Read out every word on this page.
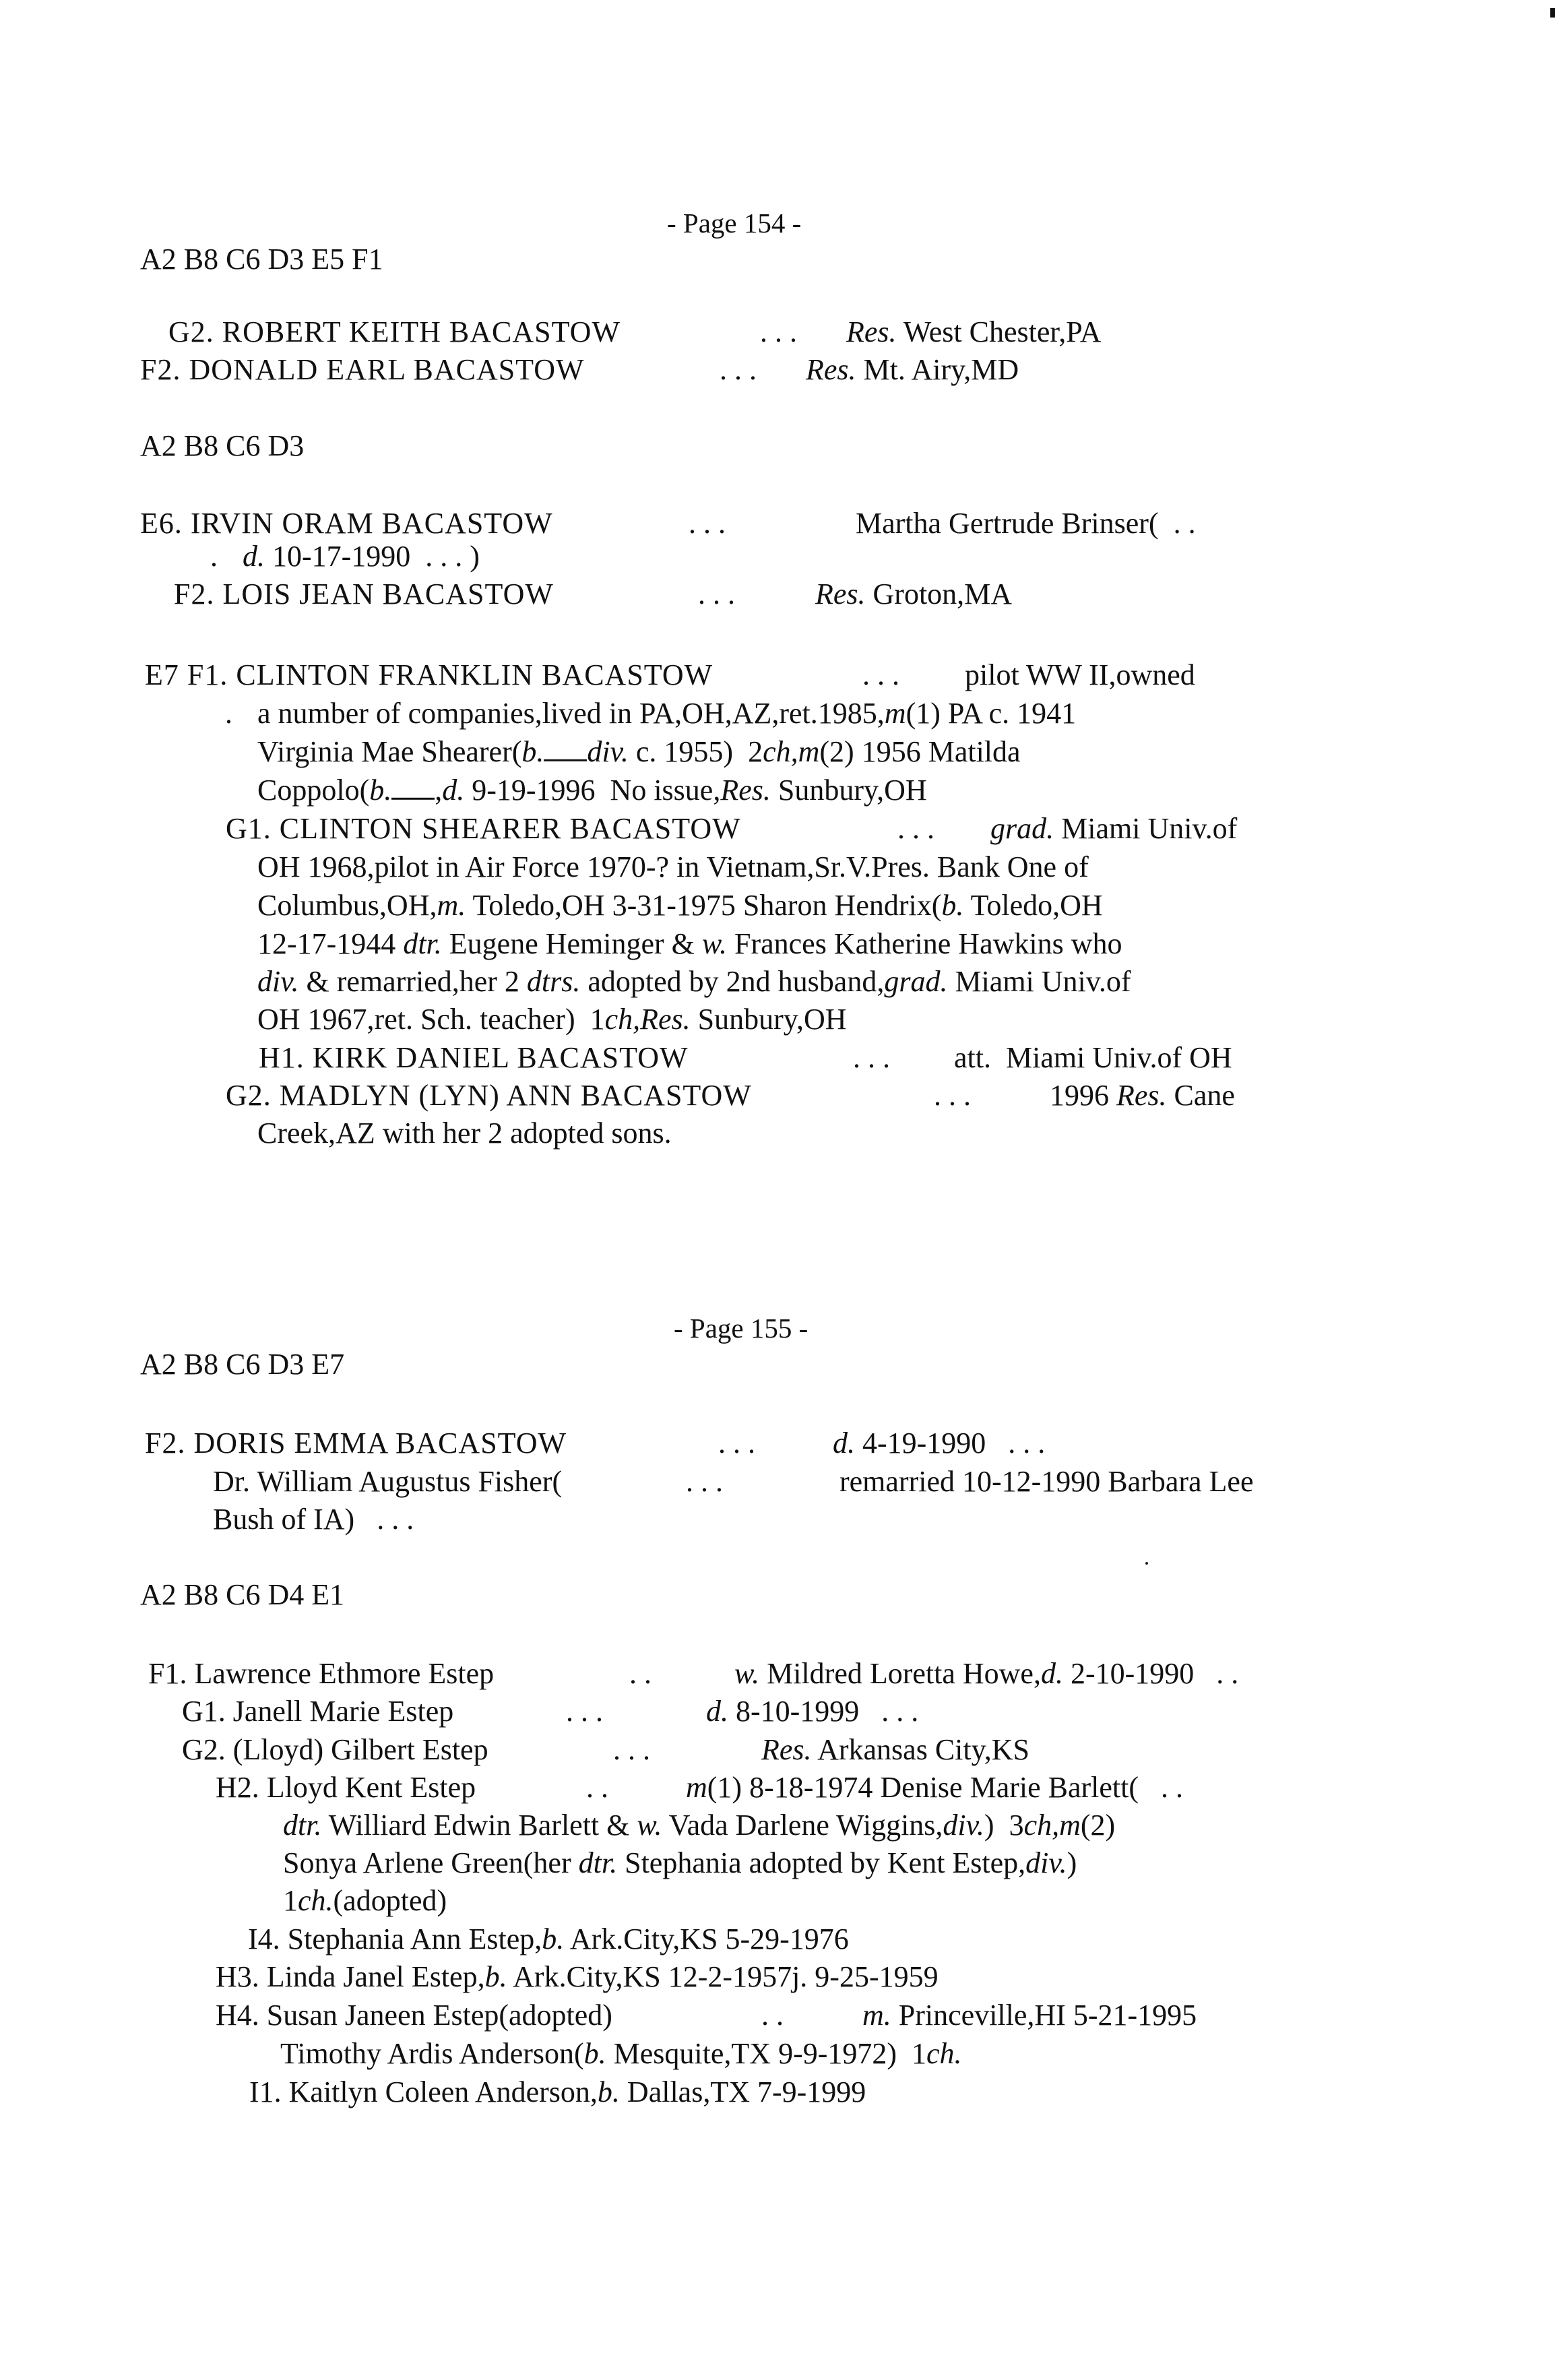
- Page 154 -
A2 B8 C6 D3 E5 F1
G2. ROBERT KEITH BACASTOW	. . . Res. West Chester,PA
F2. DONALD EARL BACASTOW	. . . Res. Mt. Airy,MD
A2 B8 C6 D3
E6. IRVIN ORAM BACASTOW	. . .	Martha Gertrude Brinser(  . .
. d. 10-17-1990  . . . )
F2. LOIS JEAN BACASTOW	. . .	Res. Groton,MA
E7 F1. CLINTON FRANKLIN BACASTOW	. . . pilot WW II,owned
. a number of companies,lived in PA,OH,AZ,ret.1985,m(1) PA c. 1941
Virginia Mae Shearer(b. div. c. 1955)  2ch,m(2) 1956 Matilda
Coppolo(b. ,d. 9-19-1996  No issue,Res. Sunbury,OH
G1. CLINTON SHEARER BACASTOW	. . . grad. Miami Univ.of
OH 1968,pilot in Air Force 1970-? in Vietnam,Sr.V.Pres. Bank One of
Columbus,OH,m. Toledo,OH 3-31-1975 Sharon Hendrix(b. Toledo,OH
12-17-1944 dtr. Eugene Heminger & w. Frances Katherine Hawkins who
div. & remarried,her 2 dtrs. adopted by 2nd husband,grad. Miami Univ.of
OH 1967,ret. Sch. teacher)  1ch,Res. Sunbury,OH
H1. KIRK DANIEL BACASTOW	. . . att.  Miami Univ.of OH
G2. MADLYN (LYN) ANN BACASTOW	. . .	1996 Res. Cane
Creek,AZ with her 2 adopted sons.
- Page 155 -
A2 B8 C6 D3 E7
F2. DORIS EMMA BACASTOW	. . .	d. 4-19-1990   . . .
Dr. William Augustus Fisher(	. . .	remarried 10-12-1990 Barbara Lee
Bush of IA)   . . .
A2 B8 C6 D4 E1
F1. Lawrence Ethmore Estep	. .	w. Mildred Loretta Howe,d. 2-10-1990   . .
G1. Janell Marie Estep	. . .	d. 8-10-1999   . . .
G2. (Lloyd) Gilbert Estep	. . .	Res. Arkansas City,KS
H2. Lloyd Kent Estep	. .	m(1) 8-18-1974 Denise Marie Barlett(   . .
dtr. Williard Edwin Barlett & w. Vada Darlene Wiggins,div.)  3ch,m(2)
Sonya Arlene Green(her dtr. Stephania adopted by Kent Estep,div.)
1ch.(adopted)
I4. Stephania Ann Estep,b. Ark.City,KS 5-29-1976
H3. Linda Janel Estep,b. Ark.City,KS 12-2-1957j. 9-25-1959
H4. Susan Janeen Estep(adopted)	. .	m. Princeville,HI 5-21-1995
Timothy Ardis Anderson(b. Mesquite,TX 9-9-1972)  1ch.
I1. Kaitlyn Coleen Anderson,b. Dallas,TX 7-9-1999
